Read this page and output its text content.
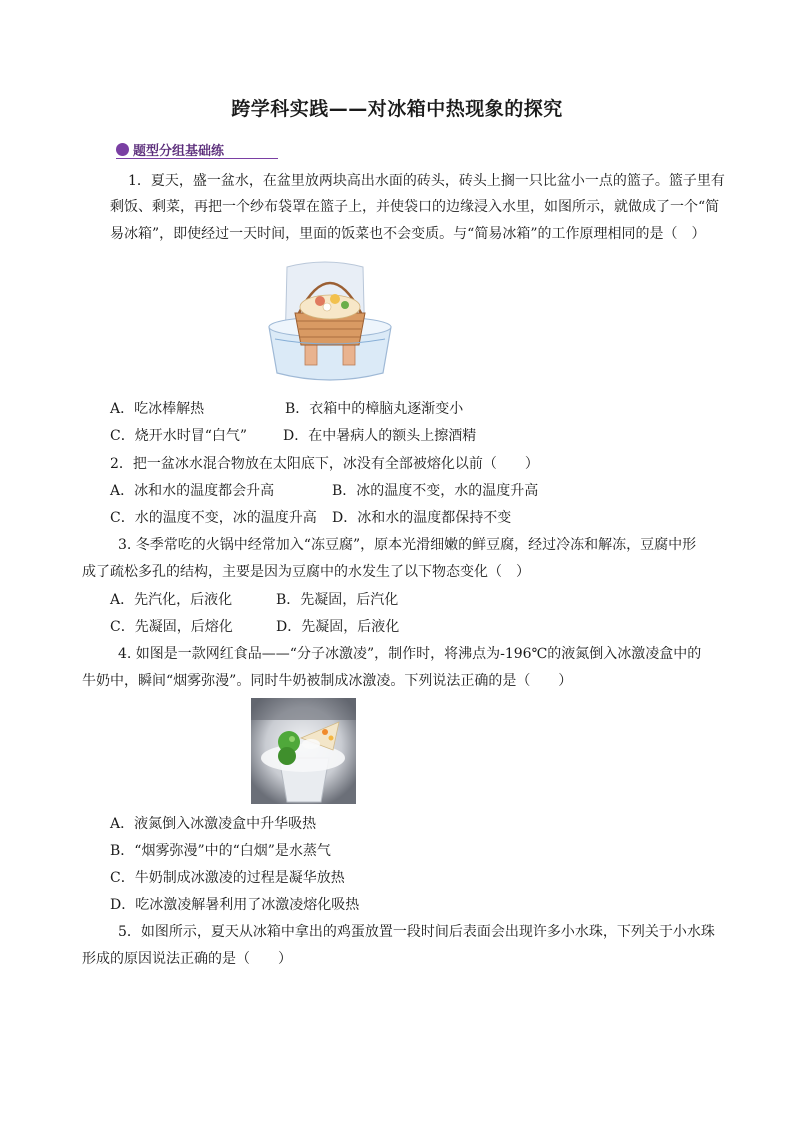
跨学科实践——对冰箱中热现象的探究
题型分组基础练
1．夏天，盛一盆水，在盆里放两块高出水面的砖头，砖头上搁一只比盆小一点的篮子。篮子里有
剩饭、剩菜，再把一个纱布袋罩在篮子上，并使袋口的边缘浸入水里，如图所示，就做成了一个“简
易冰箱”，即使经过一天时间，里面的饭菜也不会变质。与“简易冰箱”的工作原理相同的是（　）
A．吃冰棒解热	B．衣箱中的樟脑丸逐渐变小
C．烧开水时冒“白气”	D．在中暑病人的额头上擦酒精
2．把一盆冰水混合物放在太阳底下，冰没有全部被熔化以前（　　）
A．冰和水的温度都会升高	B．冰的温度不变，水的温度升高
C．水的温度不变，冰的温度升高 D．冰和水的温度都保持不变
3. 冬季常吃的火锅中经常加入“冻豆腐”，原本光滑细嫩的鲜豆腐，经过冷冻和解冻，豆腐中形
成了疏松多孔的结构，主要是因为豆腐中的水发生了以下物态变化（　）
A．先汽化，后液化	B．先凝固，后汽化
C．先凝固，后熔化	D．先凝固，后液化
4. 如图是一款网红食品——“分子冰激凌”，制作时，将沸点为-196℃的液氮倒入冰激凌盒中的
牛奶中，瞬间“烟雾弥漫”。同时牛奶被制成冰激凌。下列说法正确的是（　　）
A．液氮倒入冰激凌盒中升华吸热
B．“烟雾弥漫”中的“白烟”是水蒸气
C．牛奶制成冰激凌的过程是凝华放热
D．吃冰激凌解暑利用了冰激凌熔化吸热
5．如图所示，夏天从冰箱中拿出的鸡蛋放置一段时间后表面会出现许多小水珠，下列关于小水珠
形成的原因说法正确的是（　　）
